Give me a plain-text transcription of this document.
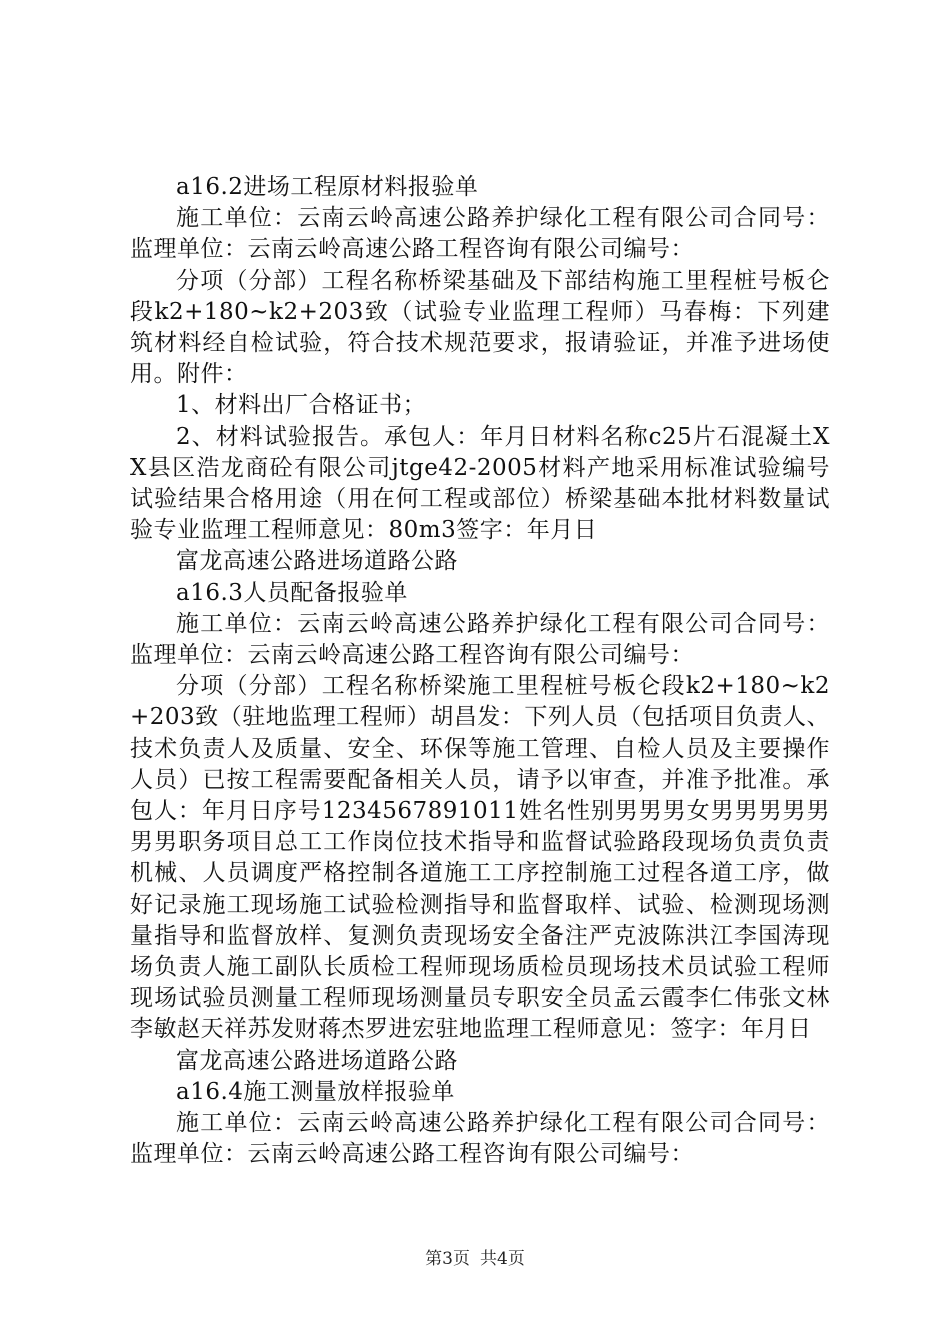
a16.2进场工程原材料报验单

施工单位：云南云岭高速公路养护绿化工程有限公司合同号：监理单位：云南云岭高速公路工程咨询有限公司编号：

分项（分部）工程名称桥梁基础及下部结构施工里程桩号板仑段k2+180~k2+203致（试验专业监理工程师）马春梅：下列建筑材料经自检试验，符合技术规范要求，报请验证，并准予进场使用。附件：

1、材料出厂合格证书；

2、材料试验报告。承包人：年月日材料名称c25片石混凝土XX县区浩龙商砼有限公司jtge42-2005材料产地采用标准试验编号试验结果合格用途（用在何工程或部位）桥梁基础本批材料数量试验专业监理工程师意见：80m3签字：年月日

富龙高速公路进场道路公路

a16.3人员配备报验单

施工单位：云南云岭高速公路养护绿化工程有限公司合同号：监理单位：云南云岭高速公路工程咨询有限公司编号：

分项（分部）工程名称桥梁施工里程桩号板仑段k2+180~k2+203致（驻地监理工程师）胡昌发：下列人员（包括项目负责人、技术负责人及质量、安全、环保等施工管理、自检人员及主要操作人员）已按工程需要配备相关人员，请予以审查，并准予批准。承包人：年月日序号1234567891011姓名性别男男男女男男男男男男男职务项目总工工作岗位技术指导和监督试验路段现场负责负责机械、人员调度严格控制各道施工工序控制施工过程各道工序，做好记录施工现场施工试验检测指导和监督取样、试验、检测现场测量指导和监督放样、复测负责现场安全备注严克波陈洪江李国涛现场负责人施工副队长质检工程师现场质检员现场技术员试验工程师现场试验员测量工程师现场测量员专职安全员孟云霞李仁伟张文林李敏赵天祥苏发财蒋杰罗进宏驻地监理工程师意见：签字：年月日

富龙高速公路进场道路公路

a16.4施工测量放样报验单

施工单位：云南云岭高速公路养护绿化工程有限公司合同号：监理单位：云南云岭高速公路工程咨询有限公司编号：

第3页 共4页
